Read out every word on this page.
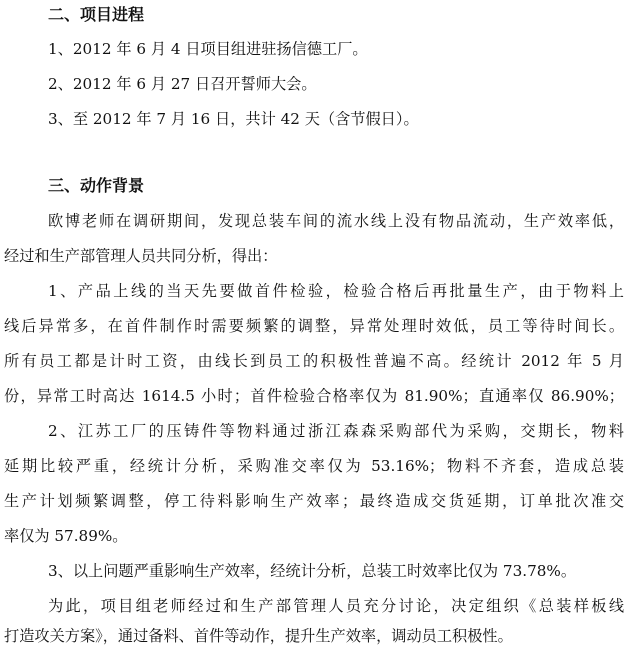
二、项目进程
1、2012 年 6 月 4 日项目组进驻扬信德工厂。
2、2012 年 6 月 27 日召开誓师大会。
3、至 2012 年 7 月 16 日，共计 42 天（含节假日）。
三、动作背景
欧博老师在调研期间，发现总装车间的流水线上没有物品流动，生产效率低，
经过和生产部管理人员共同分析，得出：
1、产品上线的当天先要做首件检验，检验合格后再批量生产，由于物料上
线后异常多，在首件制作时需要频繁的调整，异常处理时效低，员工等待时间长。
所有员工都是计时工资，由线长到员工的积极性普遍不高。经统计 2012 年 5 月
份，异常工时高达 1614.5 小时；首件检验合格率仅为 81.90%；直通率仅 86.90%；
2、江苏工厂的压铸件等物料通过浙江森森采购部代为采购，交期长，物料
延期比较严重，经统计分析，采购准交率仅为 53.16%；物料不齐套，造成总装
生产计划频繁调整，停工待料影响生产效率；最终造成交货延期，订单批次准交
率仅为 57.89%。
3、以上问题严重影响生产效率，经统计分析，总装工时效率比仅为 73.78%。
为此，项目组老师经过和生产部管理人员充分讨论，决定组织《总装样板线
打造攻关方案》，通过备料、首件等动作，提升生产效率，调动员工积极性。
